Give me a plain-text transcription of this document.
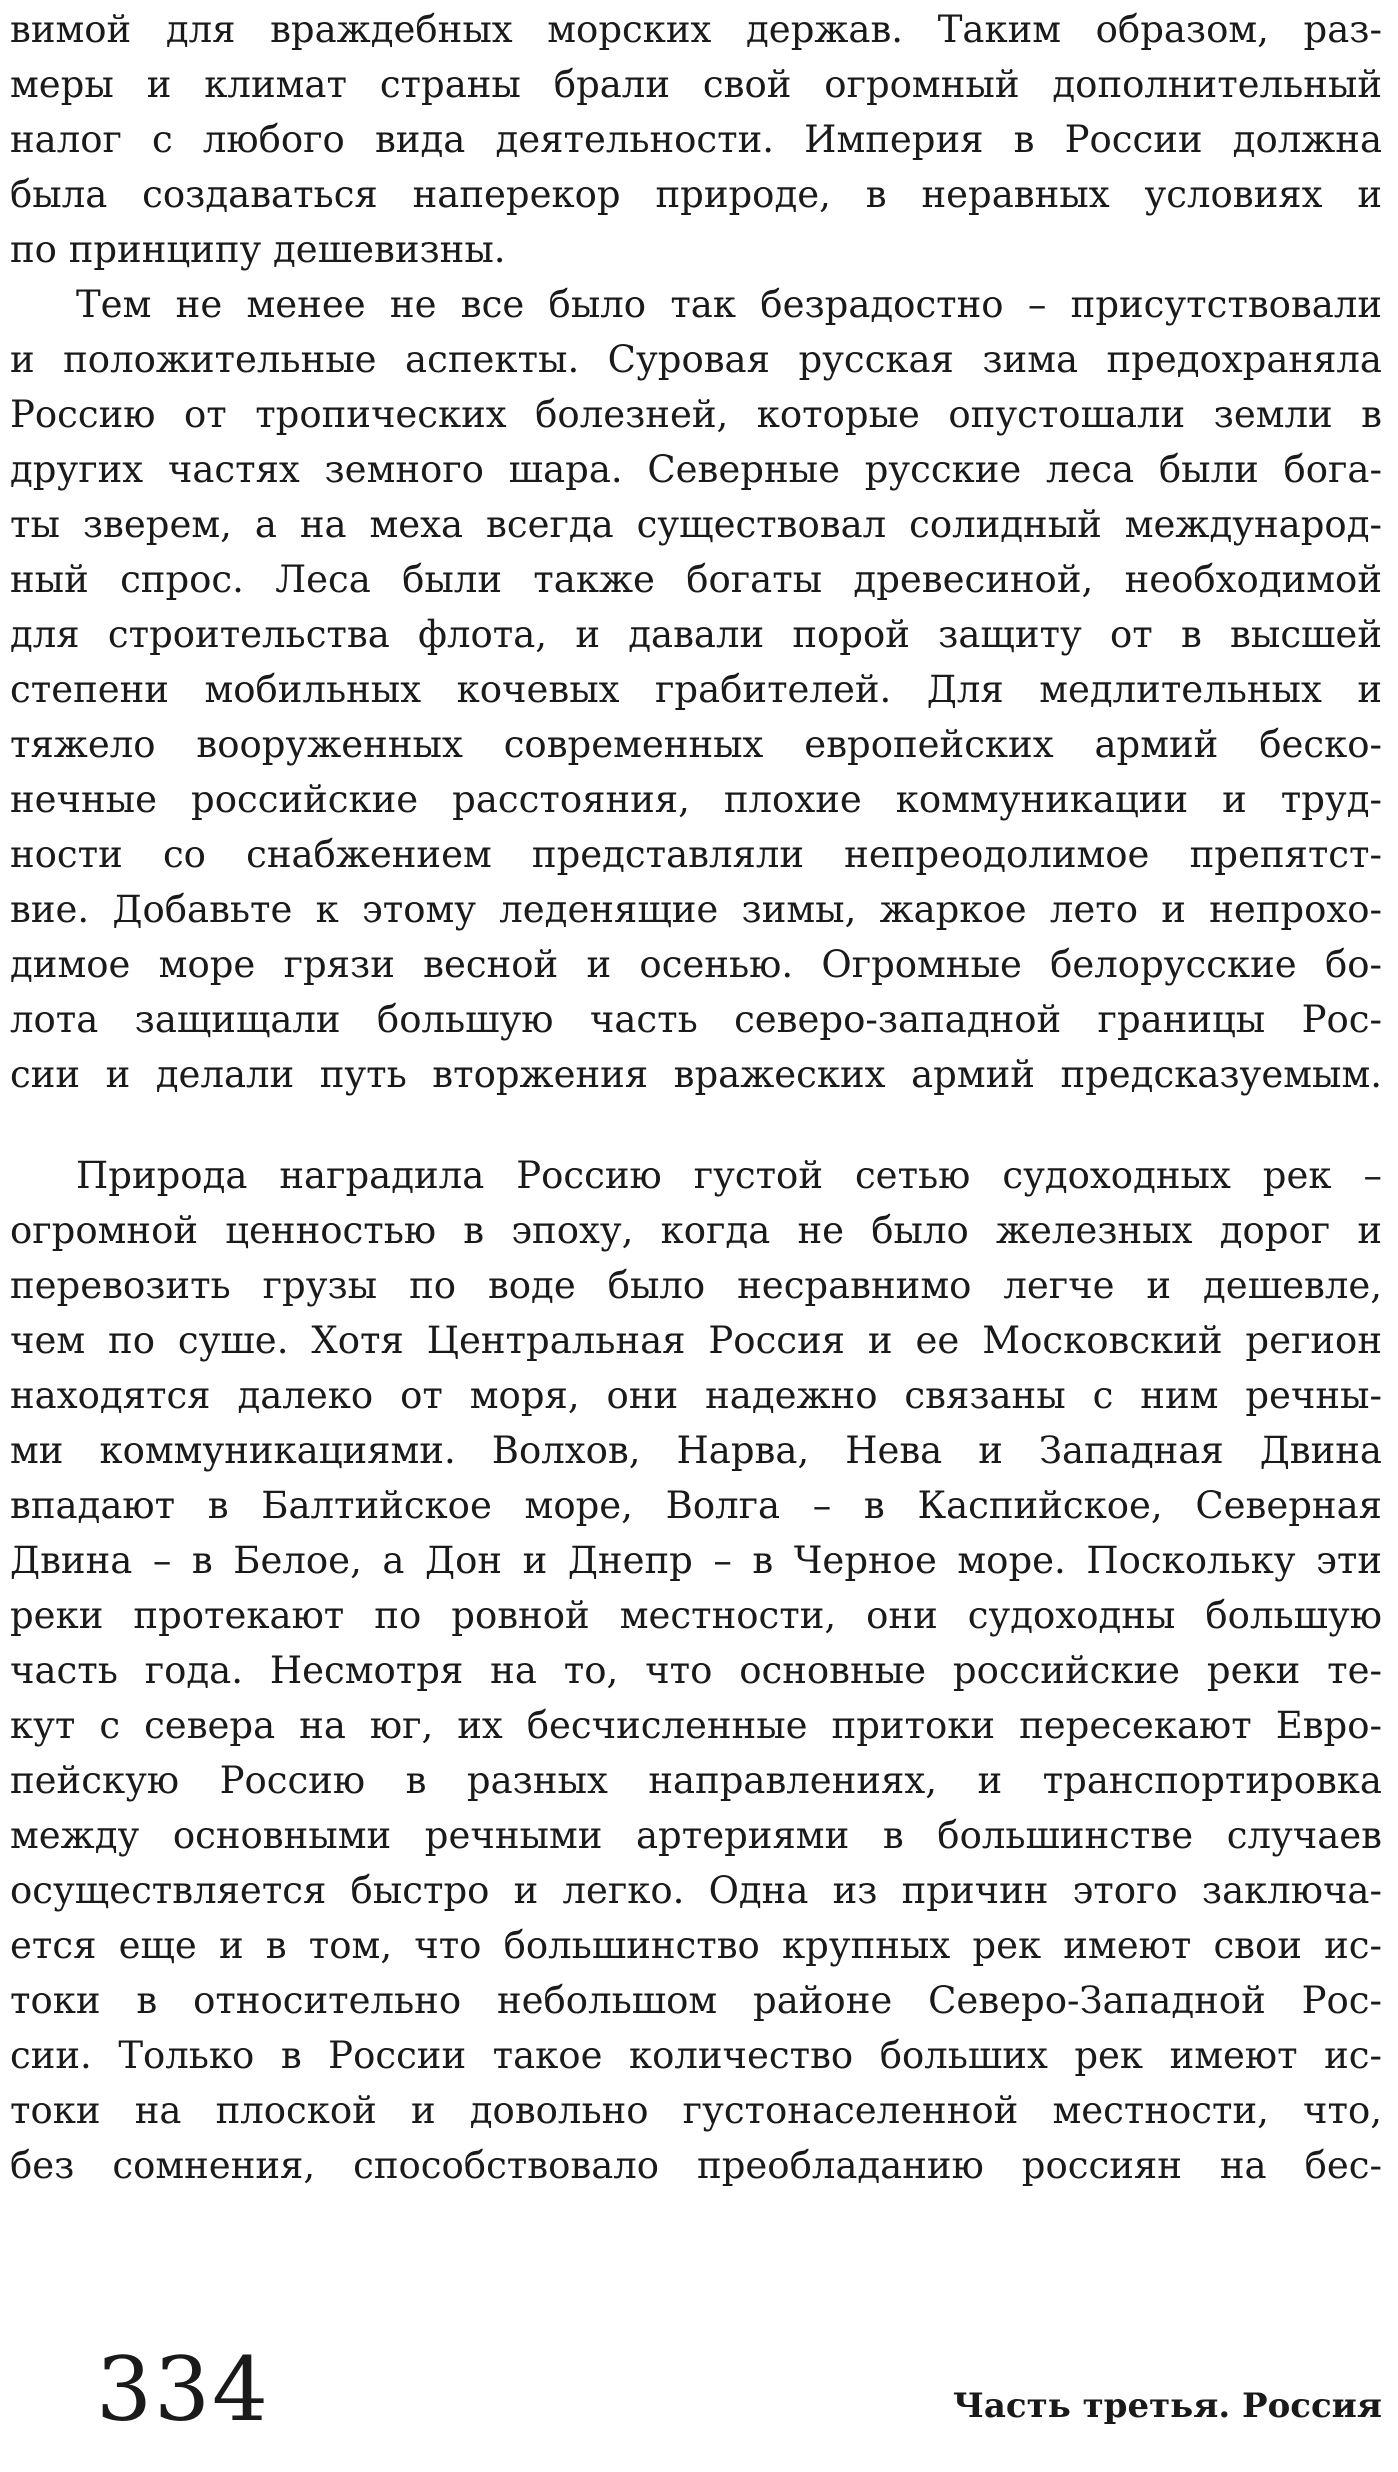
вимой для враждебных морских держав. Таким образом, раз-
меры и климат страны брали свой огромный дополнительный
налог с любого вида деятельности. Империя в России должна
была создаваться наперекор природе, в неравных условиях и
по принципу дешевизны.
Тем не менее не все было так безрадостно – присутствовали
и положительные аспекты. Суровая русская зима предохраняла
Россию от тропических болезней, которые опустошали земли в
других частях земного шара. Северные русские леса были бога-
ты зверем, а на меха всегда существовал солидный международ-
ный спрос. Леса были также богаты древесиной, необходимой
для строительства флота, и давали порой защиту от в высшей
степени мобильных кочевых грабителей. Для медлительных и
тяжело вооруженных современных европейских армий беско-
нечные российские расстояния, плохие коммуникации и труд-
ности со снабжением представляли непреодолимое препятст-
вие. Добавьте к этому леденящие зимы, жаркое лето и непрохо-
димое море грязи весной и осенью. Огромные белорусские бо-
лота защищали большую часть северо-западной границы Рос-
сии и делали путь вторжения вражеских армий предсказуемым.
Природа наградила Россию густой сетью судоходных рек –
огромной ценностью в эпоху, когда не было железных дорог и
перевозить грузы по воде было несравнимо легче и дешевле,
чем по суше. Хотя Центральная Россия и ее Московский регион
находятся далеко от моря, они надежно связаны с ним речны-
ми коммуникациями. Волхов, Нарва, Нева и Западная Двина
впадают в Балтийское море, Волга – в Каспийское, Северная
Двина – в Белое, а Дон и Днепр – в Черное море. Поскольку эти
реки протекают по ровной местности, они судоходны большую
часть года. Несмотря на то, что основные российские реки те-
кут с севера на юг, их бесчисленные притоки пересекают Евро-
пейскую Россию в разных направлениях, и транспортировка
между основными речными артериями в большинстве случаев
осуществляется быстро и легко. Одна из причин этого заключа-
ется еще и в том, что большинство крупных рек имеют свои ис-
токи в относительно небольшом районе Северо-Западной Рос-
сии. Только в России такое количество больших рек имеют ис-
токи на плоской и довольно густонаселенной местности, что,
без сомнения, способствовало преобладанию россиян на бес-
334	Часть третья. Россия
